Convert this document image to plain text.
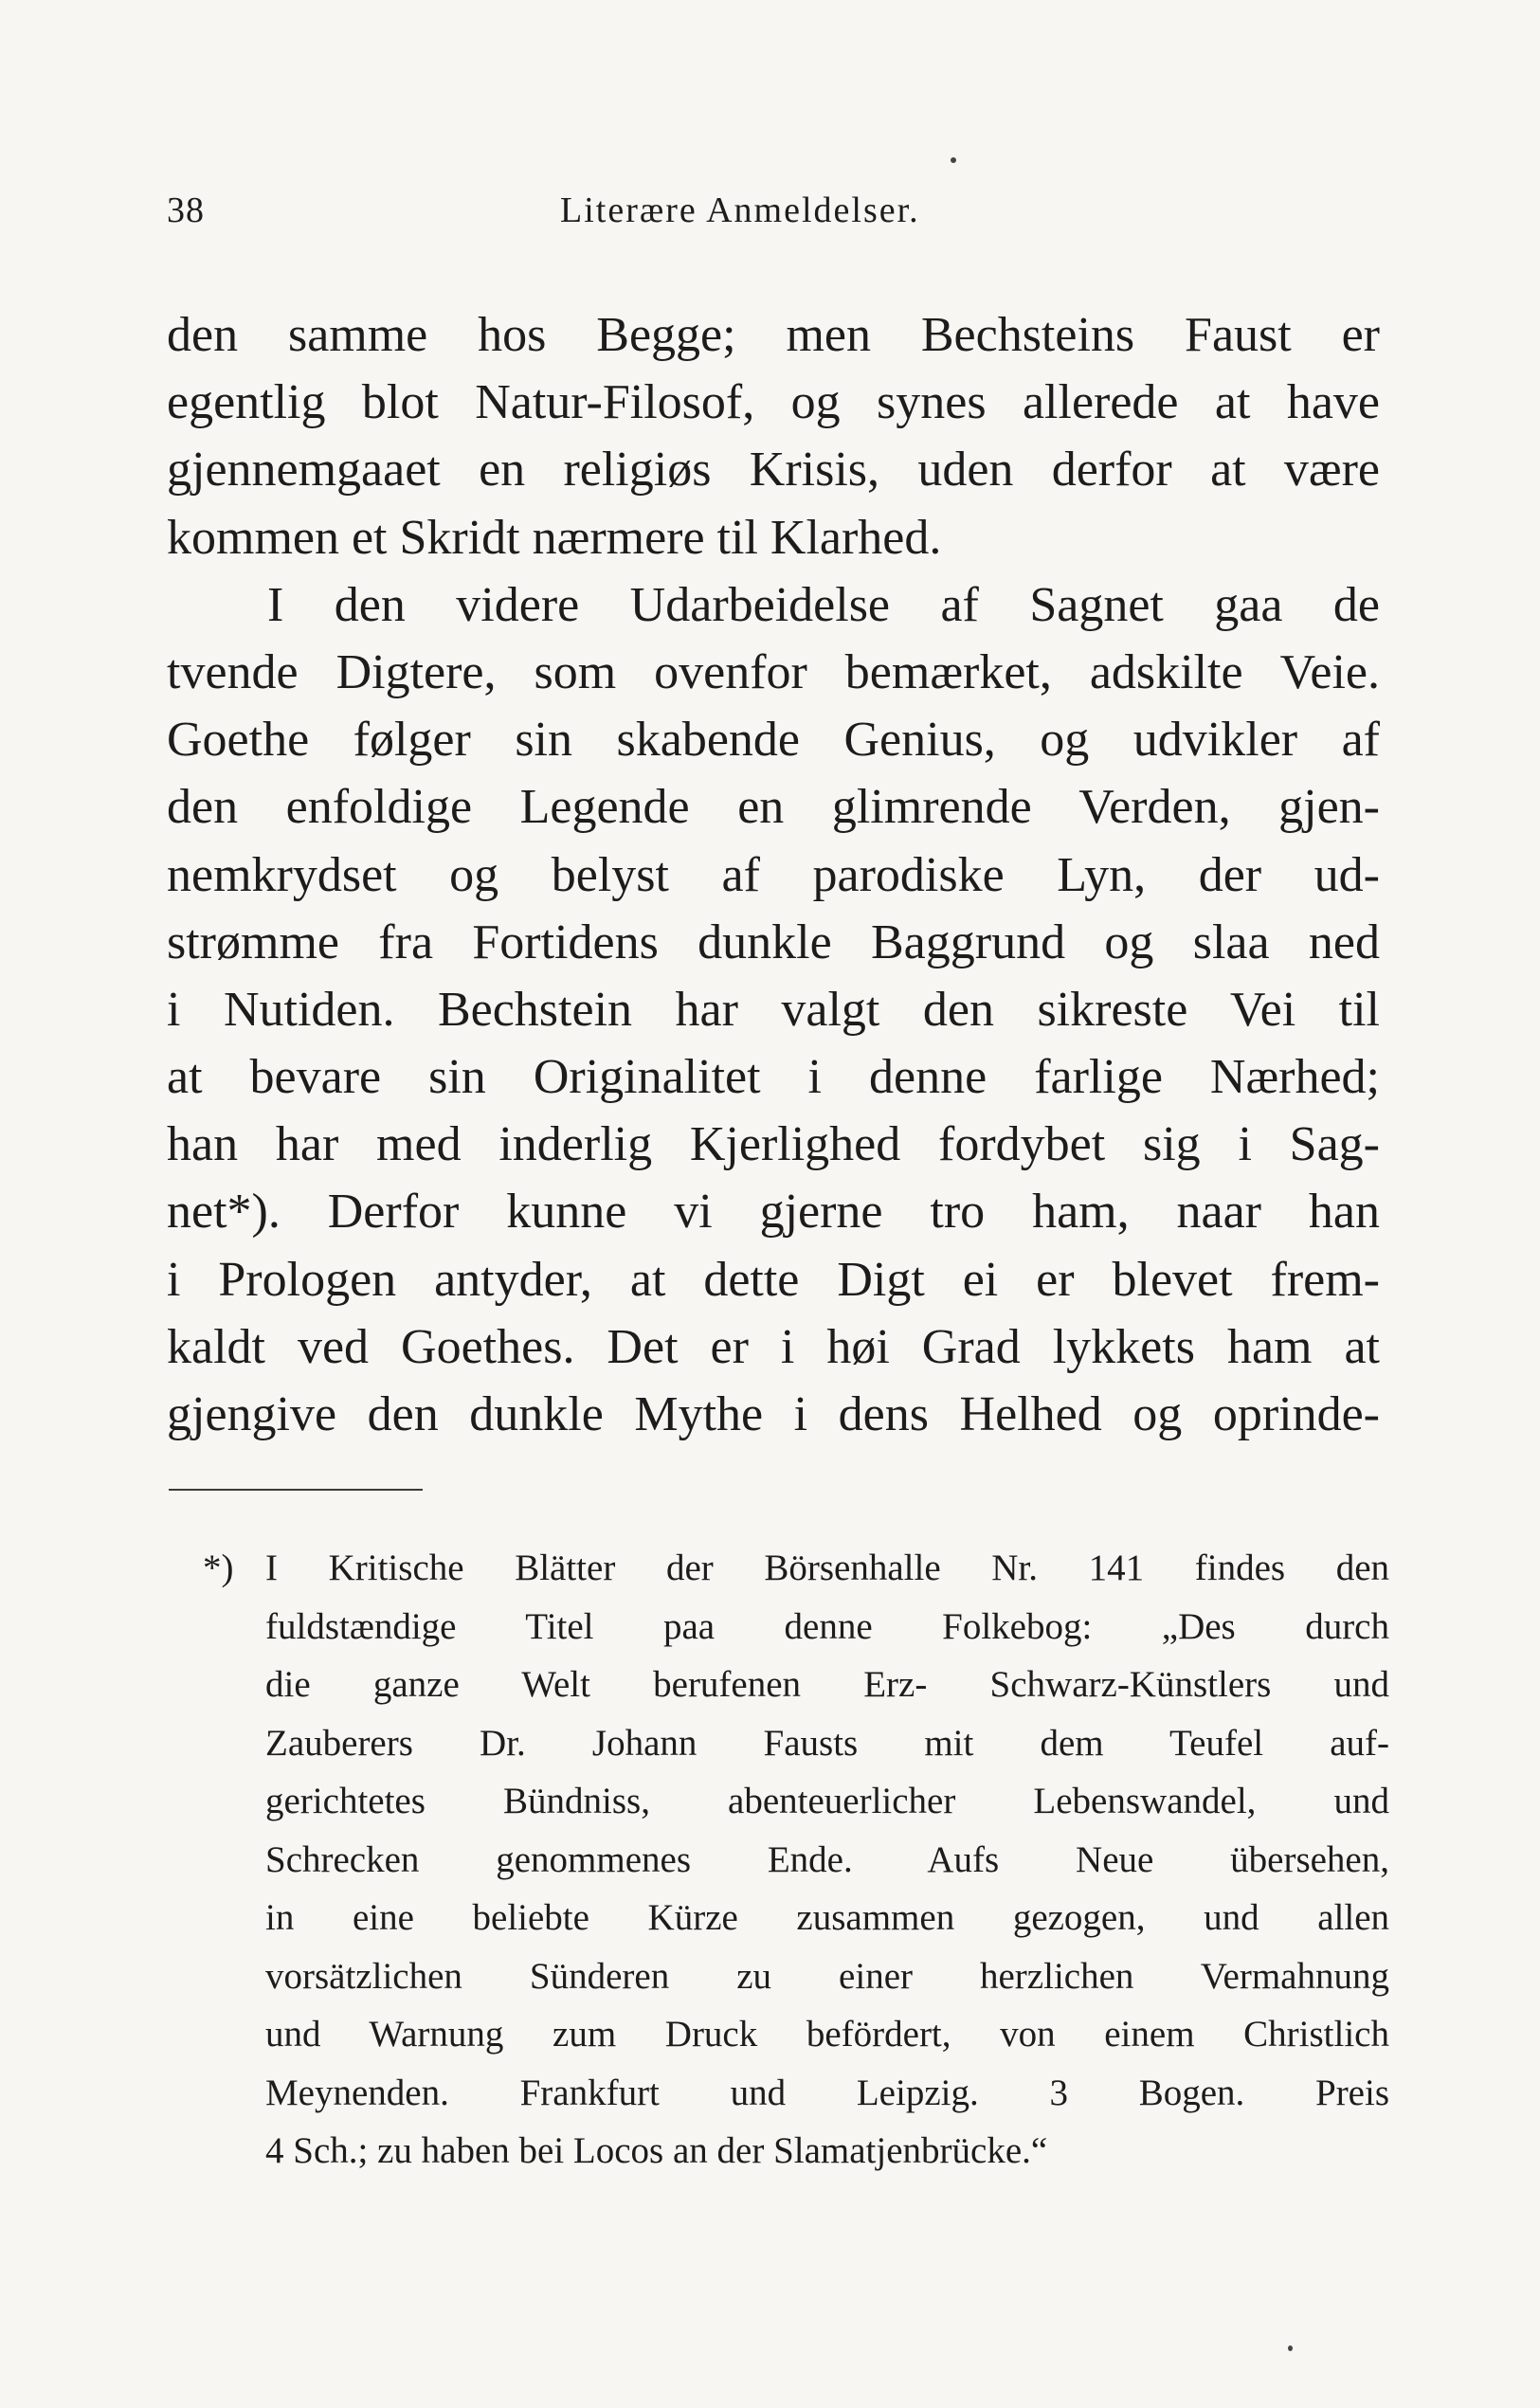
38	Literære Anmeldelser.
den samme hos Begge; men Bechsteins Faust er
egentlig blot Natur-Filosof, og synes allerede at have
gjennemgaaet en religiøs Krisis, uden derfor at være
kommen et Skridt nærmere til Klarhed.
I den videre Udarbeidelse af Sagnet gaa de
tvende Digtere, som ovenfor bemærket, adskilte Veie.
Goethe følger sin skabende Genius, og udvikler af
den enfoldige Legende en glimrende Verden, gjen-
nemkrydset og belyst af parodiske Lyn, der ud-
strømme fra Fortidens dunkle Baggrund og slaa ned
i Nutiden. Bechstein har valgt den sikreste Vei til
at bevare sin Originalitet i denne farlige Nærhed;
han har med inderlig Kjerlighed fordybet sig i Sag-
net*). Derfor kunne vi gjerne tro ham, naar han
i Prologen antyder, at dette Digt ei er blevet frem-
kaldt ved Goethes. Det er i høi Grad lykkets ham at
gjengive den dunkle Mythe i dens Helhed og oprinde-
*) I Kritische Blätter der Börsenhalle Nr. 141 findes den
fuldstændige Titel paa denne Folkebog: „Des durch
die ganze Welt berufenen Erz- Schwarz-Künstlers und
Zauberers Dr. Johann Fausts mit dem Teufel auf-
gerichtetes Bündniss, abenteuerlicher Lebenswandel, und
Schrecken genommenes Ende. Aufs Neue übersehen,
in eine beliebte Kürze zusammen gezogen, und allen
vorsätzlichen Sünderen zu einer herzlichen Vermahnung
und Warnung zum Druck befördert, von einem Christlich
Meynenden. Frankfurt und Leipzig. 3 Bogen. Preis
4 Sch.; zu haben bei Locos an der Slamatjenbrücke.“
